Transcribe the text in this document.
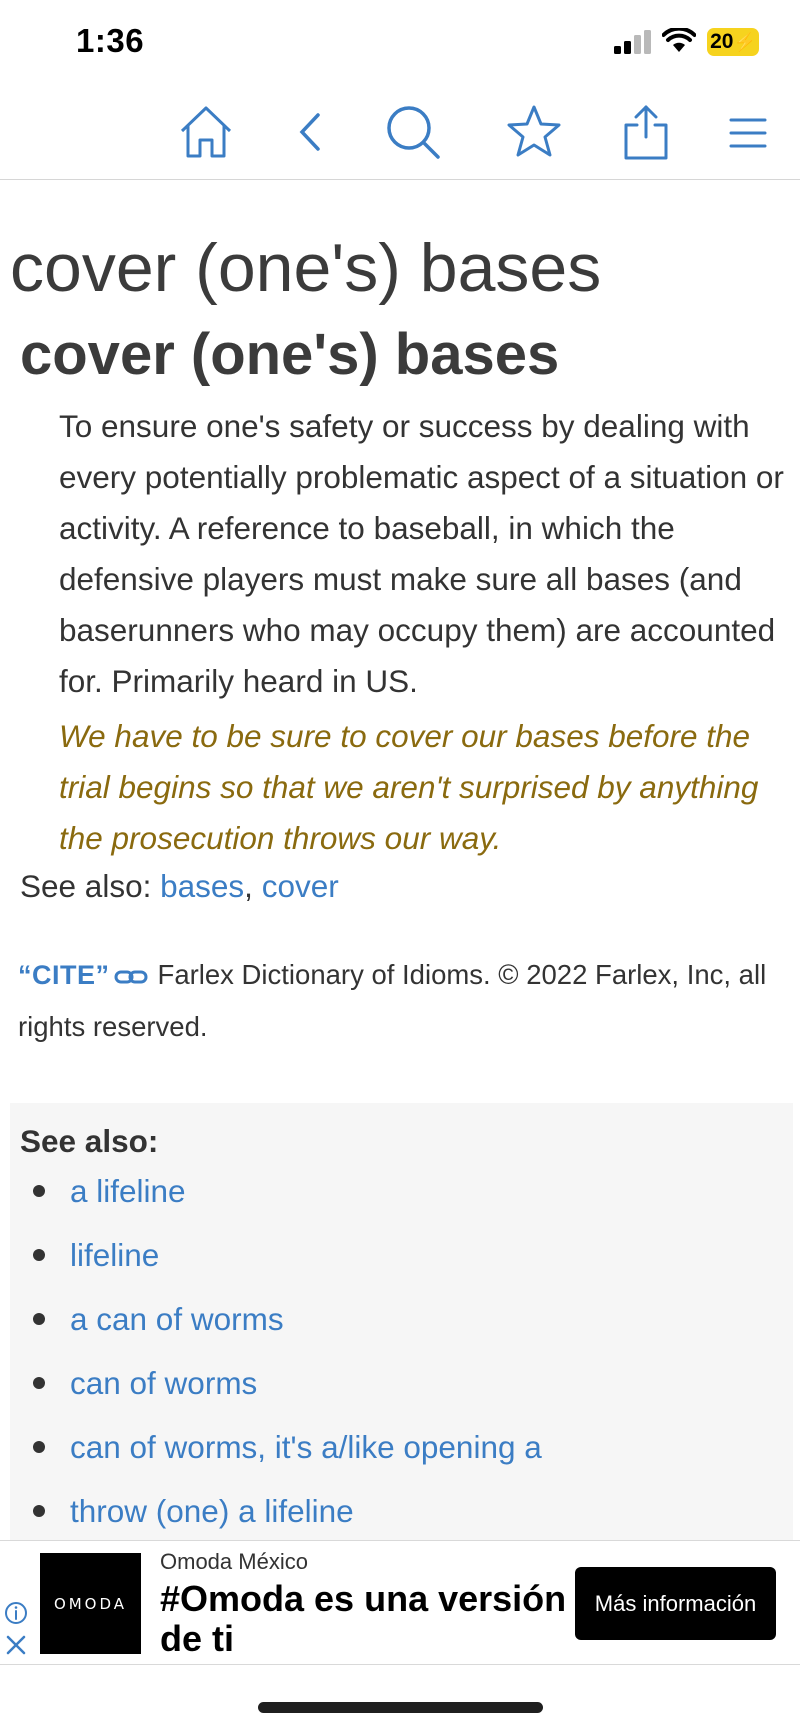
1:36	20⚡
cover (one's) bases
cover (one's) bases

To ensure one's safety or success by dealing with every potentially problematic aspect of a situation or activity. A reference to baseball, in which the defensive players must make sure all bases (and baserunners who may occupy them) are accounted for. Primarily heard in US.

We have to be sure to cover our bases before the trial begins so that we aren't surprised by anything the prosecution throws our way.

See also: bases, cover
“CITE” Farlex Dictionary of Idioms. © 2022 Farlex, Inc, all rights reserved.
See also:
a lifeline
lifeline
a can of worms
can of worms
can of worms, it's a/like opening a
throw (one) a lifeline
OMODA
Omoda México
#Omoda es una versión de ti
Más información
